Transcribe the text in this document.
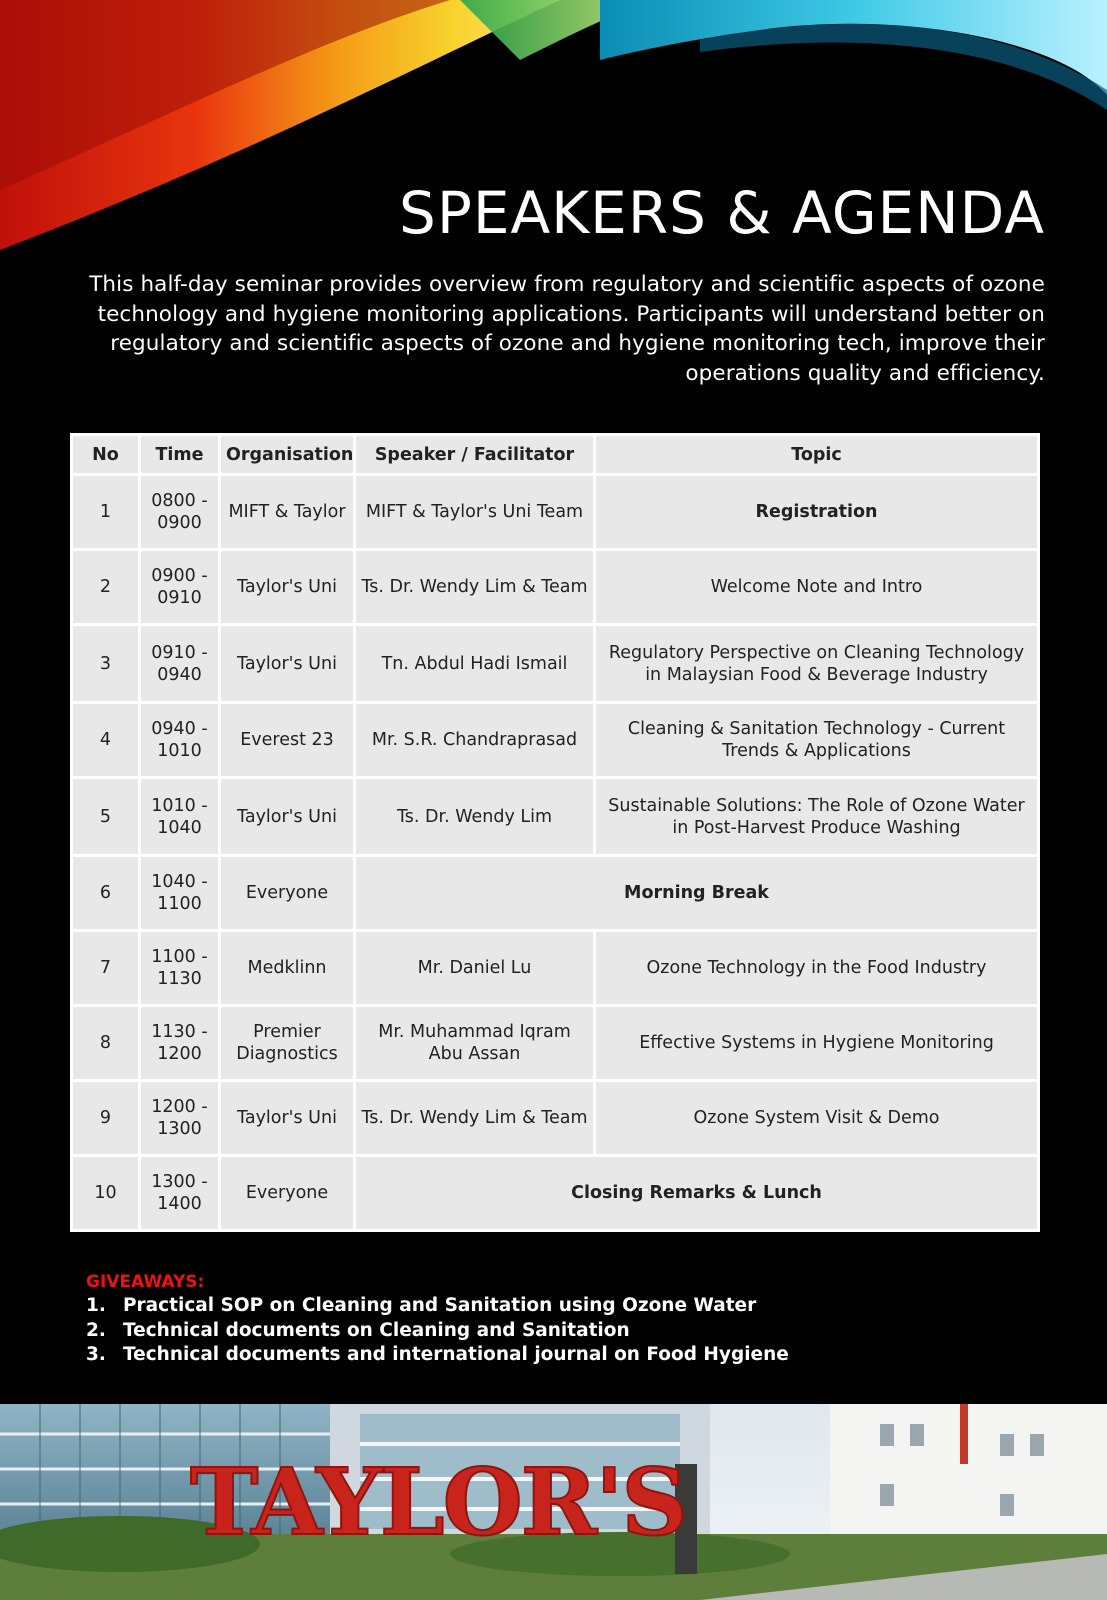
SPEAKERS & AGENDA

This half-day seminar provides overview from regulatory and scientific aspects of ozone technology and hygiene monitoring applications. Participants will understand better on regulatory and scientific aspects of ozone and hygiene monitoring tech, improve their operations quality and efficiency.

No	Time	Organisation	Speaker / Facilitator	Topic
1	0800 - 0900	MIFT & Taylor	MIFT & Taylor's Uni Team	Registration
2	0900 - 0910	Taylor's Uni	Ts. Dr. Wendy Lim & Team	Welcome Note and Intro
3	0910 - 0940	Taylor's Uni	Tn. Abdul Hadi Ismail	Regulatory Perspective on Cleaning Technology in Malaysian Food & Beverage Industry
4	0940 - 1010	Everest 23	Mr. S.R. Chandraprasad	Cleaning & Sanitation Technology - Current Trends & Applications
5	1010 - 1040	Taylor's Uni	Ts. Dr. Wendy Lim	Sustainable Solutions: The Role of Ozone Water in Post-Harvest Produce Washing
6	1040 - 1100	Everyone	Morning Break	
7	1100 - 1130	Medklinn	Mr. Daniel Lu	Ozone Technology in the Food Industry
8	1130 - 1200	Premier Diagnostics	Mr. Muhammad Iqram Abu Assan	Effective Systems in Hygiene Monitoring
9	1200 - 1300	Taylor's Uni	Ts. Dr. Wendy Lim & Team	Ozone System Visit & Demo
10	1300 - 1400	Everyone	Closing Remarks & Lunch	
GIVEAWAYS:
1. Practical SOP on Cleaning and Sanitation using Ozone Water
2. Technical documents on Cleaning and Sanitation
3. Technical documents and international journal on Food Hygiene
TAYLOR'S
